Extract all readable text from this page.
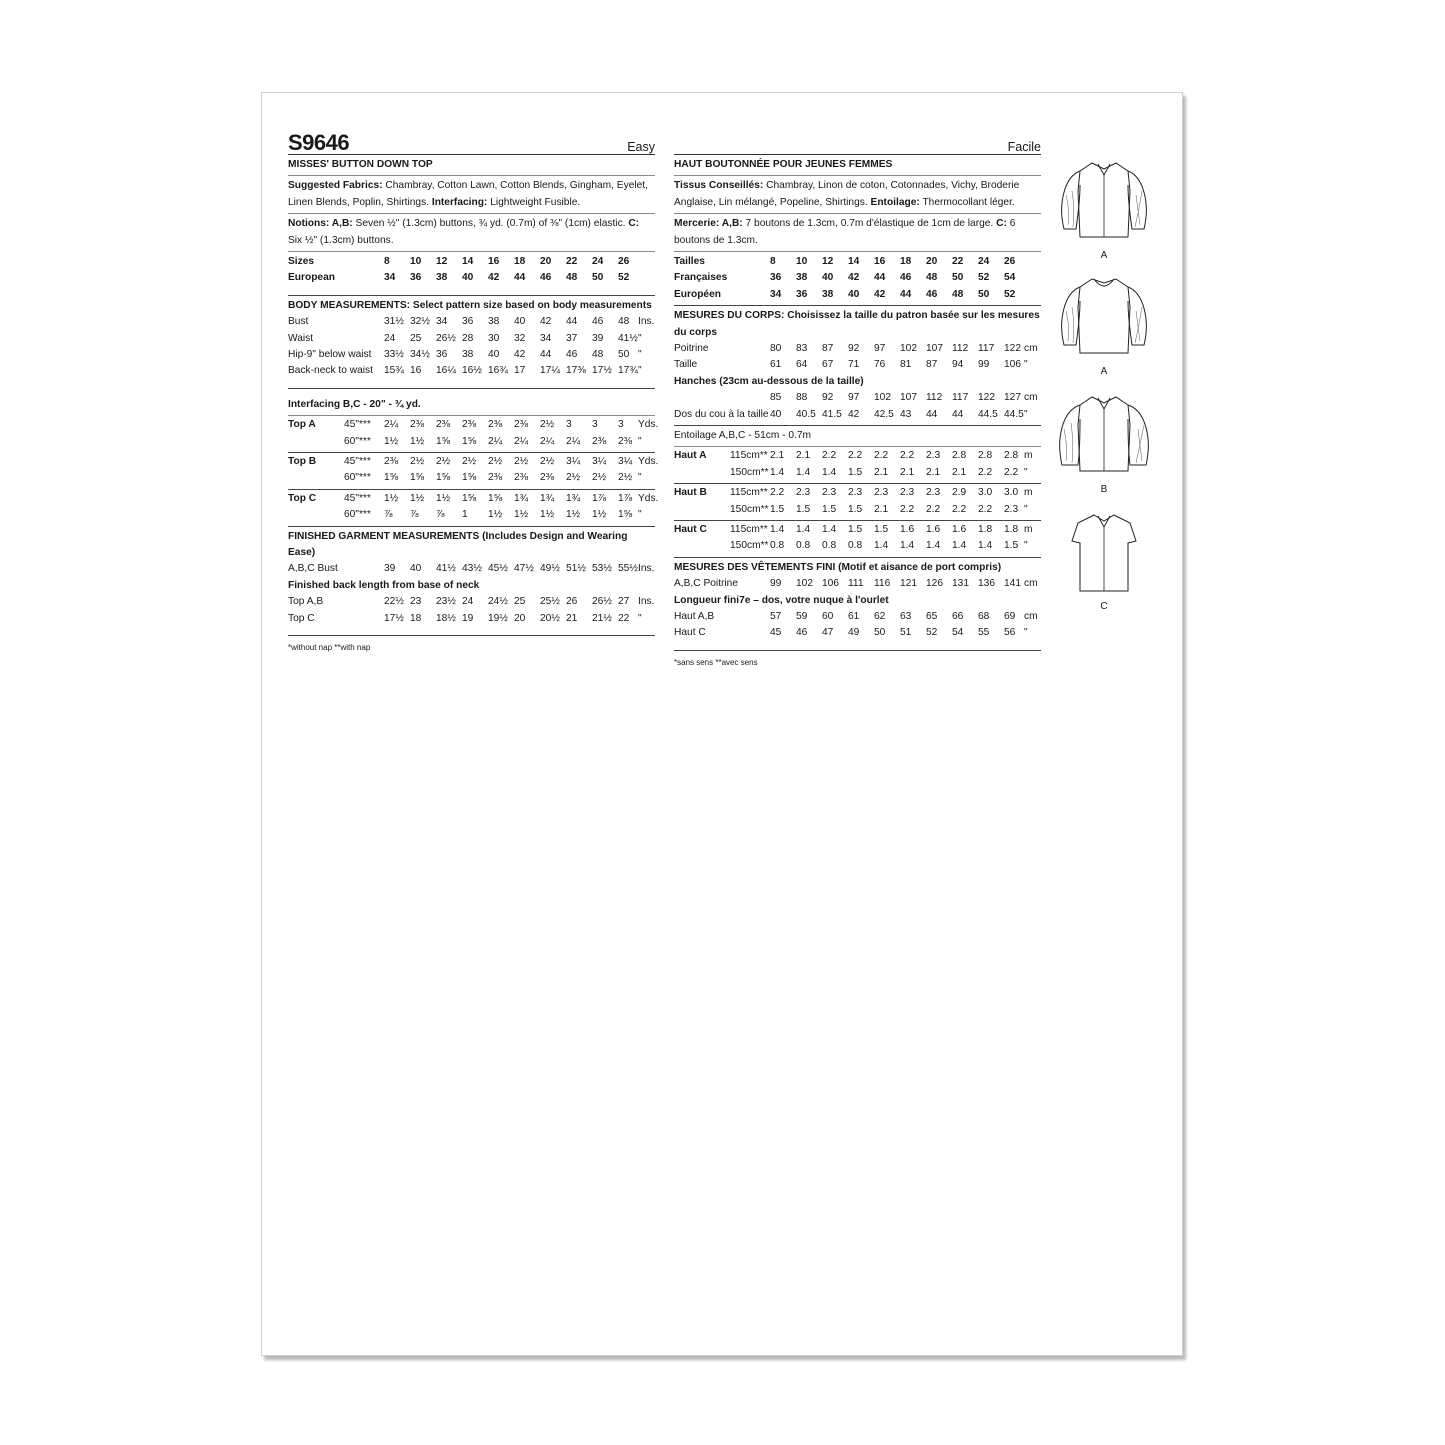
S9646	Easy

MISSES' BUTTON DOWN TOP

Suggested Fabrics: Chambray, Cotton Lawn, Cotton Blends, Gingham, Eyelet, Linen Blends, Poplin, Shirtings. Interfacing: Lightweight Fusible.

Notions: A,B: Seven ½" (1.3cm) buttons, ¾ yd. (0.7m) of ⅜" (1cm) elastic. C: Six ½" (1.3cm) buttons.

Sizes	8 10 12 14 16 18 20 22 24 26
European	34 36 38 40 42 44 46 48 50 52

BODY MEASUREMENTS: Select pattern size based on body measurements

Bust	31½ 32½ 34 36 38 40 42 44 46 48 Ins.
Waist	24 25 26½ 28 30 32 34 37 39 41½ "
Hip-9" below waist 33½ 34½ 36 38 40 42 44 46 48 50 "
Back-neck to waist 15¾ 16 16¼ 16½ 16¾ 17 17¼ 17⅜ 17½ 17¾ "

Interfacing B,C - 20" - ¾ yd.

Top A	45"*** 2¼ 2⅜ 2⅜ 2⅜ 2⅜ 2⅜ 2½ 3 3 3 Yds.
60"*** 1½ 1½ 1⅝ 1⅝ 2¼ 2¼ 2¼ 2¼ 2⅜ 2⅜ "
Top B	45"*** 2⅜ 2½ 2½ 2½ 2½ 2½ 2½ 3¼ 3¼ 3¼ Yds.
60"*** 1⅝ 1⅝ 1⅝ 1⅝ 2⅜ 2⅜ 2⅜ 2½ 2½ 2½ "
Top C	45"*** 1½ 1½ 1½ 1⅝ 1⅝ 1¾ 1¾ 1¾ 1⅞ 1⅞ Yds.
60"*** ⅞ ⅞ ⅞ 1 1½ 1½ 1½ 1½ 1½ 1⅝ "

FINISHED GARMENT MEASUREMENTS (Includes Design and Wearing Ease)

A,B,C Bust	39 40 41½ 43½ 45½ 47½ 49½ 51½ 53½ 55½ Ins.

Finished back length from base of neck

Top A,B	22½ 23 23½ 24 24½ 25 25½ 26 26½ 27 Ins.
Top C	17½ 18 18½ 19 19½ 20 20½ 21 21½ 22 "

*without nap **with nap

Facile

HAUT BOUTONNÉE POUR JEUNES FEMMES

Tissus Conseillés: Chambray, Linon de coton, Cotonnades, Vichy, Broderie Anglaise, Lin mélangé, Popeline, Shirtings. Entoilage: Thermocollant léger.

Mercerie: A,B: 7 boutons de 1.3cm, 0.7m d'élastique de 1cm de large. C: 6 boutons de 1.3cm.

Tailles	8 10 12 14 16 18 20 22 24 26
Françaises	36 38 40 42 44 46 48 50 52 54
Européen	34 36 38 40 42 44 46 48 50 52

MESURES DU CORPS: Choisissez la taille du patron basée sur les mesures du corps

Poitrine	80 83 87 92 97 102 107 112 117 122 cm
Taille	61 64 67 71 76 81 87 94 99 106 "

Hanches (23cm au-dessous de la taille)

85 88 92 97 102 107 112 117 122 127 cm
Dos du cou à la taille 40 40.5 41.5 42 42.5 43 44 44 44.5 44.5 "

Entoilage A,B,C - 51cm - 0.7m

Haut A 115cm** 2.1 2.1 2.2 2.2 2.2 2.2 2.3 2.8 2.8 2.8 m
150cm** 1.4 1.4 1.4 1.5 2.1 2.1 2.1 2.1 2.2 2.2 "
Haut B 115cm** 2.2 2.3 2.3 2.3 2.3 2.3 2.3 2.9 3.0 3.0 m
150cm** 1.5 1.5 1.5 1.5 2.1 2.2 2.2 2.2 2.2 2.3 "
Haut C 115cm** 1.4 1.4 1.4 1.5 1.5 1.6 1.6 1.6 1.8 1.8 m
150cm** 0.8 0.8 0.8 0.8 1.4 1.4 1.4 1.4 1.4 1.5 "

MESURES DES VÊTEMENTS FINI (Motif et aisance de port compris)

A,B,C Poitrine	99 102 106 111 116 121 126 131 136 141 cm

Longueur fini7e – dos, votre nuque à l'ourlet

Haut A,B	57 59 60 61 62 63 65 66 68 69 cm
Haut C	45 46 47 49 50 51 52 54 55 56 "

*sans sens **avec sens

A
A
B
C
